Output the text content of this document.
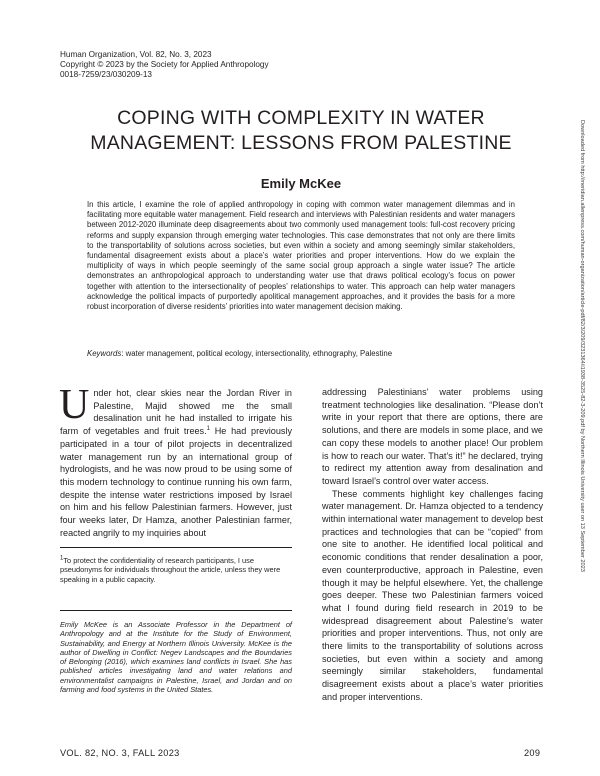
Human Organization, Vol. 82, No. 3, 2023
Copyright © 2023 by the Society for Applied Anthropology
0018-7259/23/030209-13
COPING WITH COMPLEXITY IN WATER
MANAGEMENT: LESSONS FROM PALESTINE
Emily McKee

In this article, I examine the role of applied anthropology in coping with common water management dilemmas and in facilitating more equitable water management. Field research and interviews with Palestinian residents and water managers between 2012-2020 illuminate deep disagreements about two commonly used management tools: full-cost recovery pricing reforms and supply expansion through emerging water technologies. This case demonstrates that not only are there limits to the transportability of solutions across societies, but even within a society and among seemingly similar stakeholders, fundamental disagreement exists about a place’s water priorities and proper interventions. How do we explain the multiplicity of ways in which people seemingly of the same social group approach a single water issue? The article demonstrates an anthropological approach to understanding water use that draws political ecology’s focus on power together with attention to the intersectionality of peoples’ relationships to water. This approach can help water managers acknowledge the political impacts of purportedly apolitical management approaches, and it provides the basis for a more robust incorporation of diverse residents’ priorities into water management decision making.

Keywords: water management, political ecology, intersectionality, ethnography, Palestine

Under hot, clear skies near the Jordan River in Palestine, Majid showed me the small desalination unit he had installed to irrigate his farm of vegetables and fruit trees.$^1$ He had previously participated in a tour of pilot projects in decentralized water management run by an international group of hydrologists, and he was now proud to be using some of this modern technology to continue running his own farm, despite the intense water restrictions imposed by Israel on him and his fellow Palestinian farmers. However, just four weeks later, Dr Hamza, another Palestinian farmer, reacted angrily to my inquiries about

addressing Palestinians’ water problems using treatment technologies like desalination. “Please don’t write in your report that there are options, there are solutions, and there are models in some place, and we can copy these models to another place! Our problem is how to reach our water. That’s it!” he declared, trying to redirect my attention away from desalination and toward Israel’s control over water access.

These comments highlight key challenges facing water management. Dr. Hamza objected to a tendency within international water management to develop best practices and technologies that can be “copied” from one site to another. He identified local political and economic conditions that render desalination a poor, even counterproductive, approach in Palestine, even though it may be helpful elsewhere. Yet, the challenge goes deeper. These two Palestinian farmers voiced what I found during field research in 2019 to be widespread disagreement about Palestine’s water priorities and proper interventions. Thus, not only are there limits to the transportability of solutions across societies, but even within a society and among seemingly similar stakeholders, fundamental disagreement exists about a place’s water priorities and proper interventions.

$^1$To protect the confidentiality of research participants, I use pseudonyms for individuals throughout the article, unless they were speaking in a public capacity.

Emily McKee is an Associate Professor in the Department of Anthropology and at the Institute for the Study of Environment, Sustainability, and Energy at Northern Illinois University. McKee is the author of Dwelling in Conflict: Negev Landscapes and the Boundaries of Belonging (2016), which examines land conflicts in Israel. She has published articles investigating land and water relations and environmentalist campaigns in Palestine, Israel, and Jordan and on farming and food systems in the United States.

VOL. 82, NO. 3, FALL 2023	209
Downloaded from http://meridian.allenpress.com/human-organization/article-pdf/82/3/209/3231364/i1938-3525-82-3-209.pdf by Northern Illinois University user on 13 September 2023
